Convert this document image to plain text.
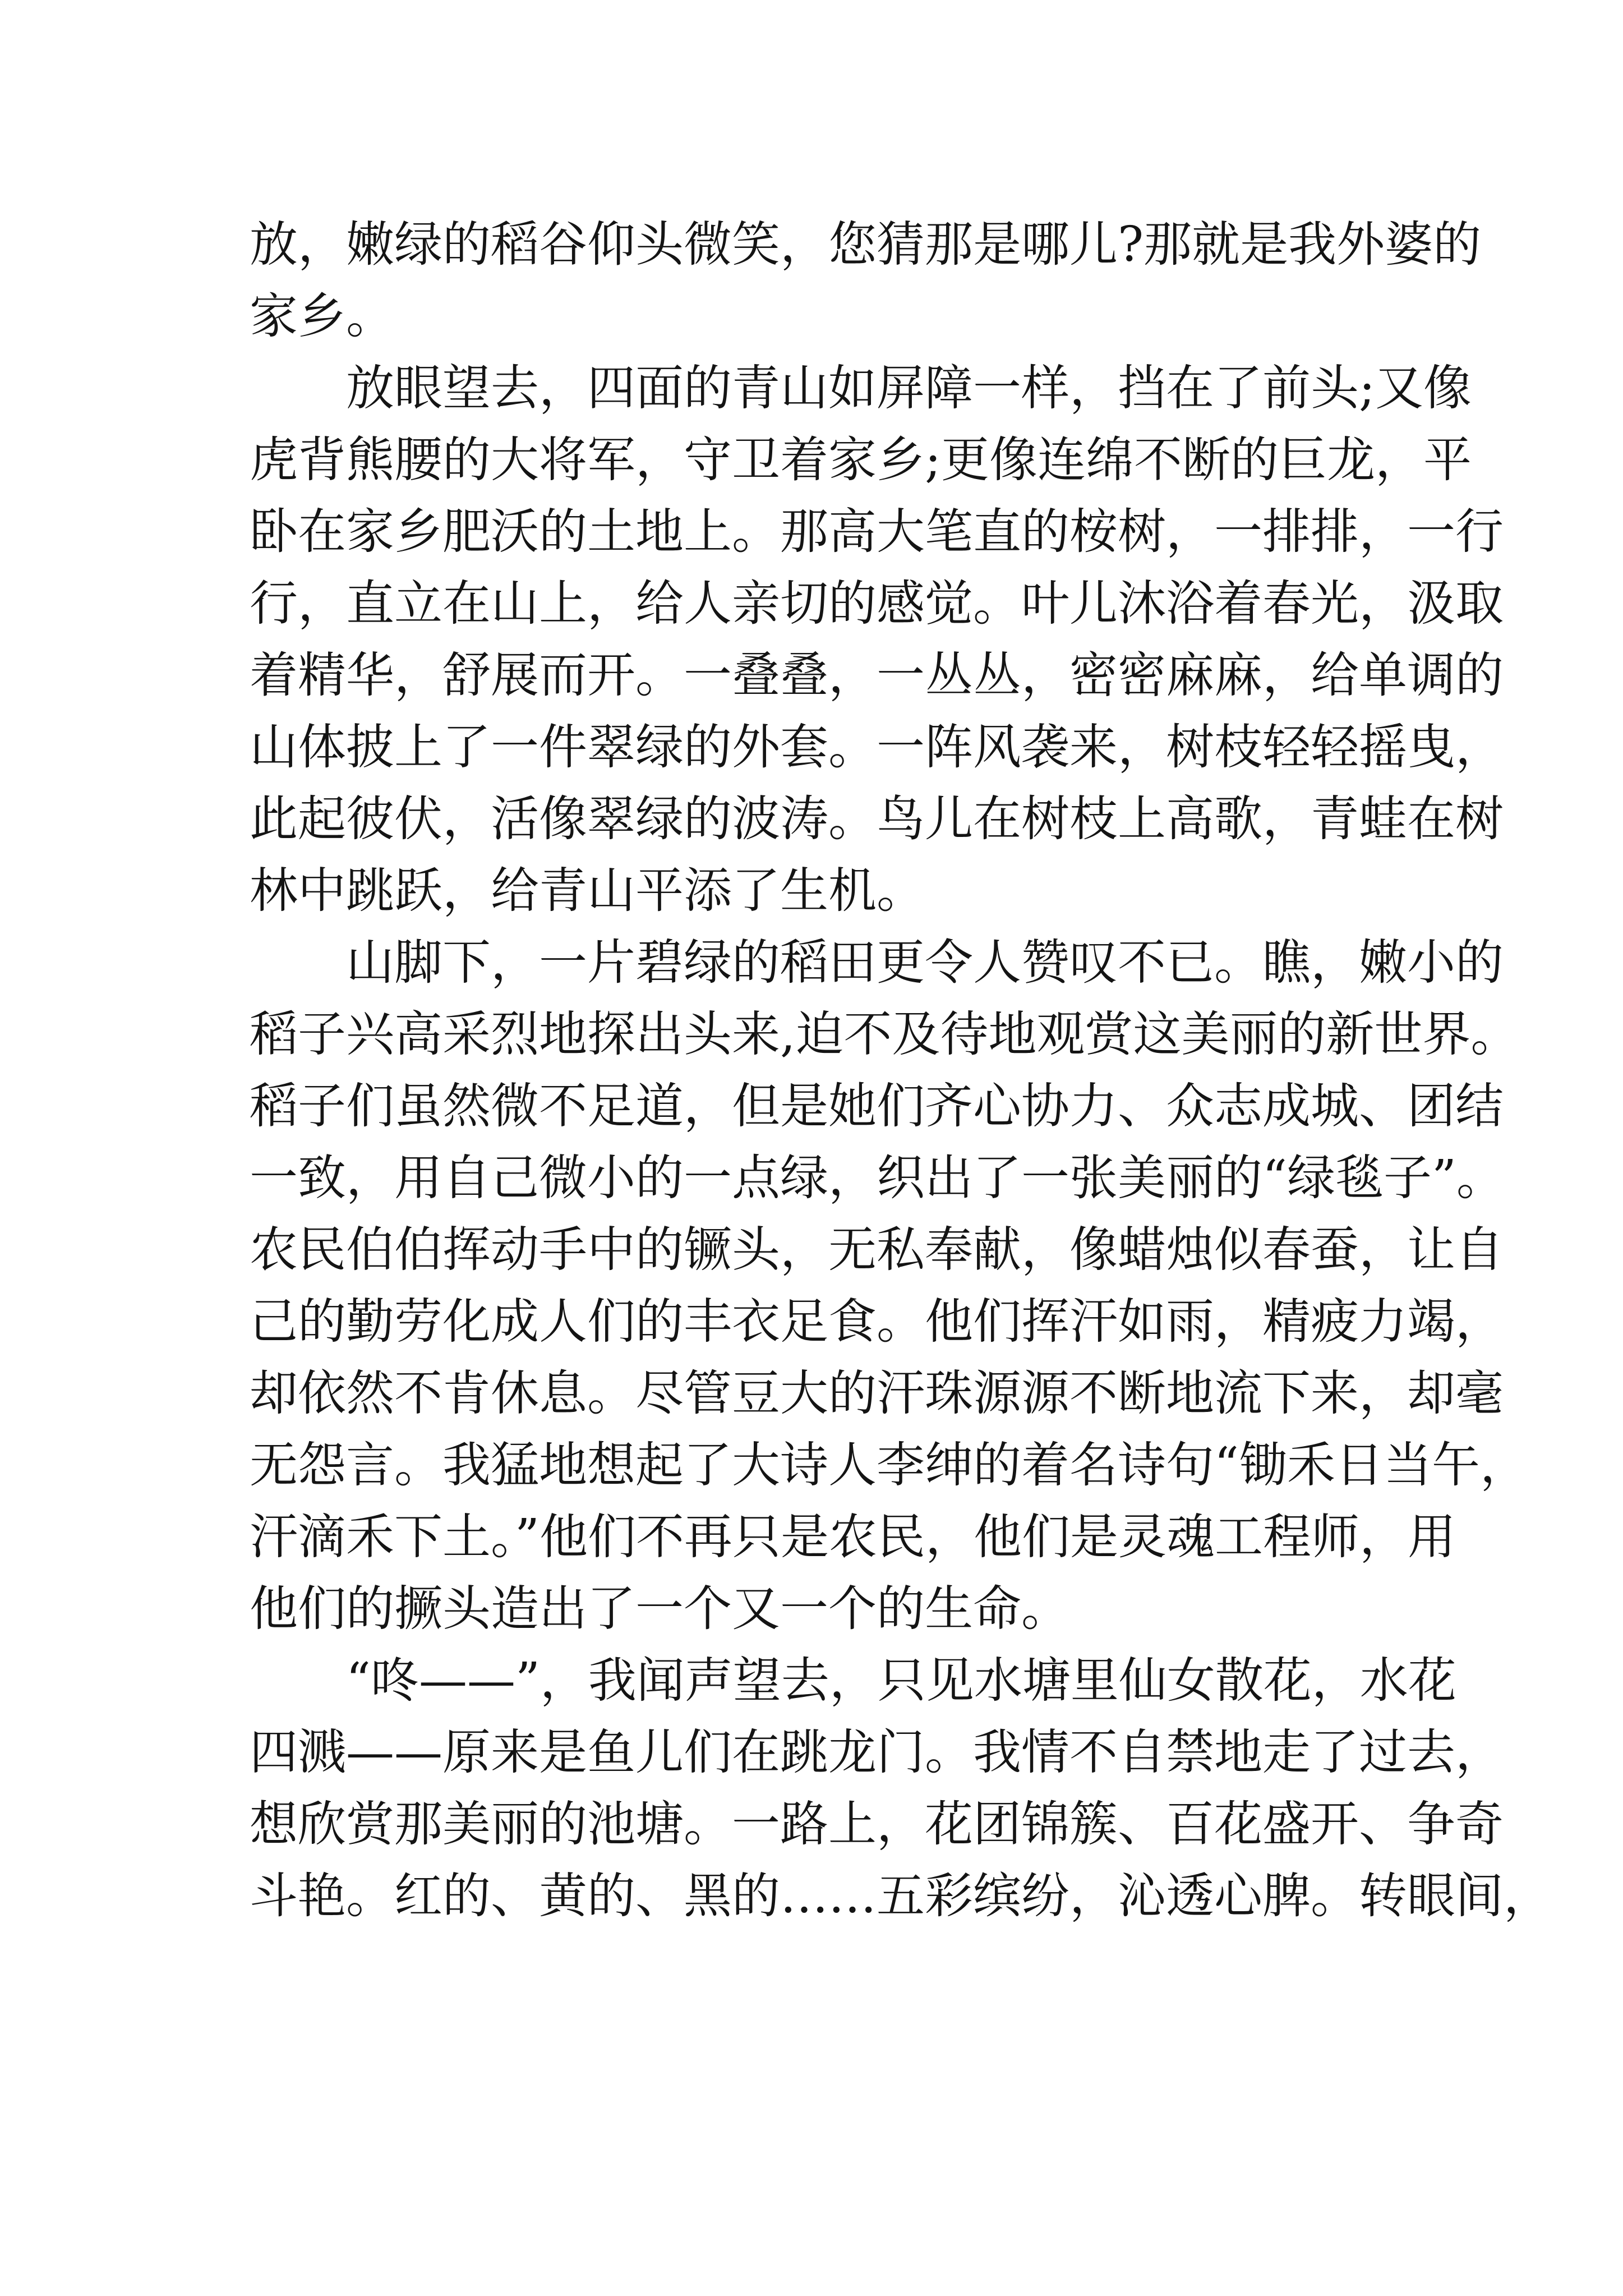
放，嫩绿的稻谷仰头微笑，您猜那是哪儿?那就是我外婆的
家乡。
放眼望去，四面的青山如屏障一样，挡在了前头;又像
虎背熊腰的大将军，守卫着家乡;更像连绵不断的巨龙，平
卧在家乡肥沃的土地上。那高大笔直的桉树，一排排，一行
行，直立在山上，给人亲切的感觉。叶儿沐浴着春光，汲取
着精华，舒展而开。一叠叠，一丛丛，密密麻麻，给单调的
山体披上了一件翠绿的外套。一阵风袭来，树枝轻轻摇曳，
此起彼伏，活像翠绿的波涛。鸟儿在树枝上高歌，青蛙在树
林中跳跃，给青山平添了生机。
山脚下，一片碧绿的稻田更令人赞叹不已。瞧，嫩小的
稻子兴高采烈地探出头来,迫不及待地观赏这美丽的新世界。
稻子们虽然微不足道，但是她们齐心协力、众志成城、团结
一致，用自己微小的一点绿，织出了一张美丽的“绿毯子”。
农民伯伯挥动手中的镢头，无私奉献，像蜡烛似春蚕，让自
己的勤劳化成人们的丰衣足食。他们挥汗如雨，精疲力竭，
却依然不肯休息。尽管豆大的汗珠源源不断地流下来，却毫
无怨言。我猛地想起了大诗人李绅的着名诗句“锄禾日当午，
汗滴禾下土。”他们不再只是农民，他们是灵魂工程师，用
他们的撅头造出了一个又一个的生命。
“咚——”，我闻声望去，只见水塘里仙女散花，水花
四溅——原来是鱼儿们在跳龙门。我情不自禁地走了过去，
想欣赏那美丽的池塘。一路上，花团锦簇、百花盛开、争奇
斗艳。红的、黄的、黑的……五彩缤纷，沁透心脾。转眼间，
